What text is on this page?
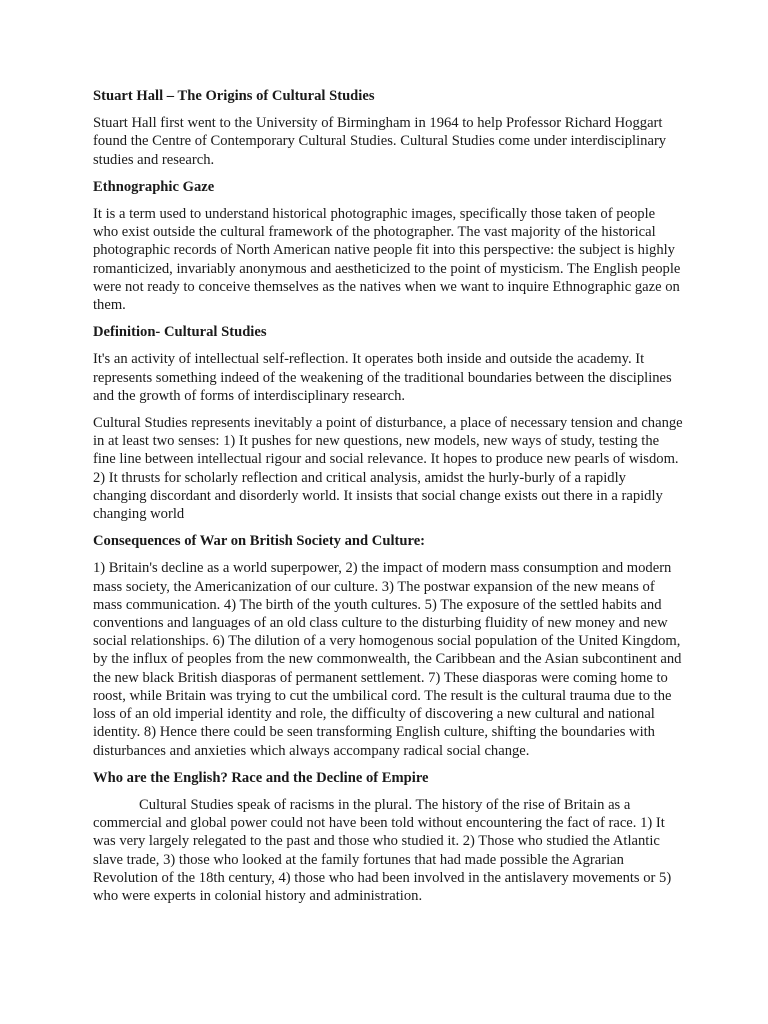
Stuart Hall – The Origins of Cultural Studies

Stuart Hall first went to the University of Birmingham in 1964 to help Professor Richard Hoggart found the Centre of Contemporary Cultural Studies. Cultural Studies come under interdisciplinary studies and research.

Ethnographic Gaze

It is a term used to understand historical photographic images, specifically those taken of people who exist outside the cultural framework of the photographer. The vast majority of the historical photographic records of North American native people fit into this perspective: the subject is highly romanticized, invariably anonymous and aestheticized to the point of mysticism. The English people were not ready to conceive themselves as the natives when we want to inquire Ethnographic gaze on them.

Definition- Cultural Studies

It's an activity of intellectual self-reflection. It operates both inside and outside the academy. It represents something indeed of the weakening of the traditional boundaries between the disciplines and the growth of forms of interdisciplinary research.

Cultural Studies represents inevitably a point of disturbance, a place of necessary tension and change in at least two senses: 1) It pushes for new questions, new models, new ways of study, testing the fine line between intellectual rigour and social relevance. It hopes to produce new pearls of wisdom. 2) It thrusts for scholarly reflection and critical analysis, amidst the hurly-burly of a rapidly changing discordant and disorderly world. It insists that social change exists out there in a rapidly changing world

Consequences of War on British Society and Culture:

1) Britain's decline as a world superpower, 2) the impact of modern mass consumption and modern mass society, the Americanization of our culture. 3) The postwar expansion of the new means of mass communication. 4) The birth of the youth cultures. 5) The exposure of the settled habits and conventions and languages of an old class culture to the disturbing fluidity of new money and new social relationships. 6) The dilution of a very homogenous social population of the United Kingdom, by the influx of peoples from the new commonwealth, the Caribbean and the Asian subcontinent and the new black British diasporas of permanent settlement. 7) These diasporas were coming home to roost, while Britain was trying to cut the umbilical cord. The result is the cultural trauma due to the loss of an old imperial identity and role, the difficulty of discovering a new cultural and national identity. 8) Hence there could be seen transforming English culture, shifting the boundaries with disturbances and anxieties which always accompany radical social change.

Who are the English? Race and the Decline of Empire

Cultural Studies speak of racisms in the plural. The history of the rise of Britain as a commercial and global power could not have been told without encountering the fact of race. 1) It was very largely relegated to the past and those who studied it. 2) Those who studied the Atlantic slave trade, 3) those who looked at the family fortunes that had made possible the Agrarian Revolution of the 18th century, 4) those who had been involved in the antislavery movements or 5) who were experts in colonial history and administration.
